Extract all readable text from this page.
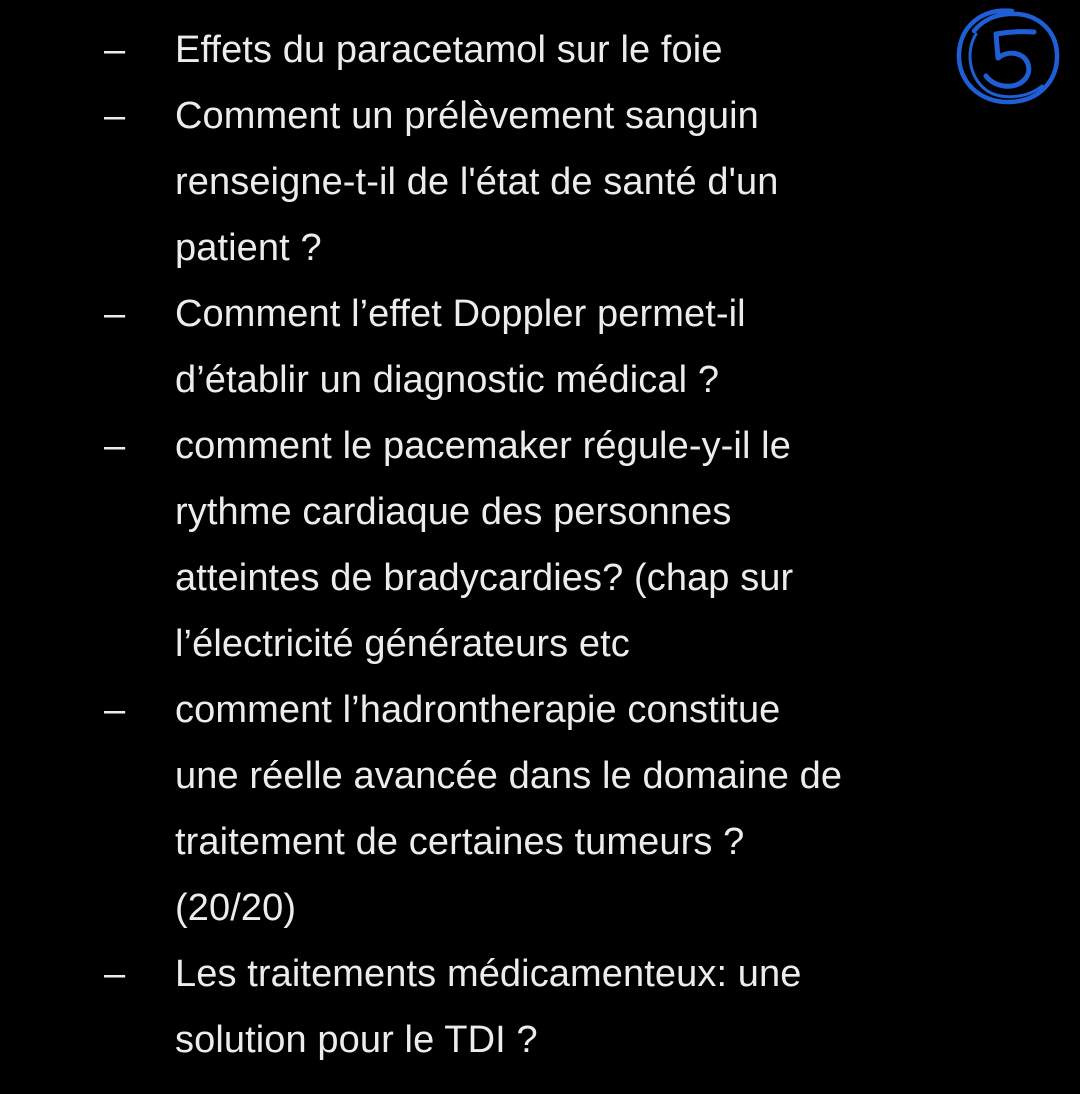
– Effets du paracetamol sur le foie
– Comment un prélèvement sanguin
renseigne-t-il de l'état de santé d'un
patient ?
– Comment l’effet Doppler permet-il
d’établir un diagnostic médical ?
– comment le pacemaker régule-y-il le
rythme cardiaque des personnes
atteintes de bradycardies? (chap sur
l’électricité générateurs etc
– comment l’hadrontherapie constitue
une réelle avancée dans le domaine de
traitement de certaines tumeurs ?
(20/20)
– Les traitements médicamenteux: une
solution pour le TDI ?
